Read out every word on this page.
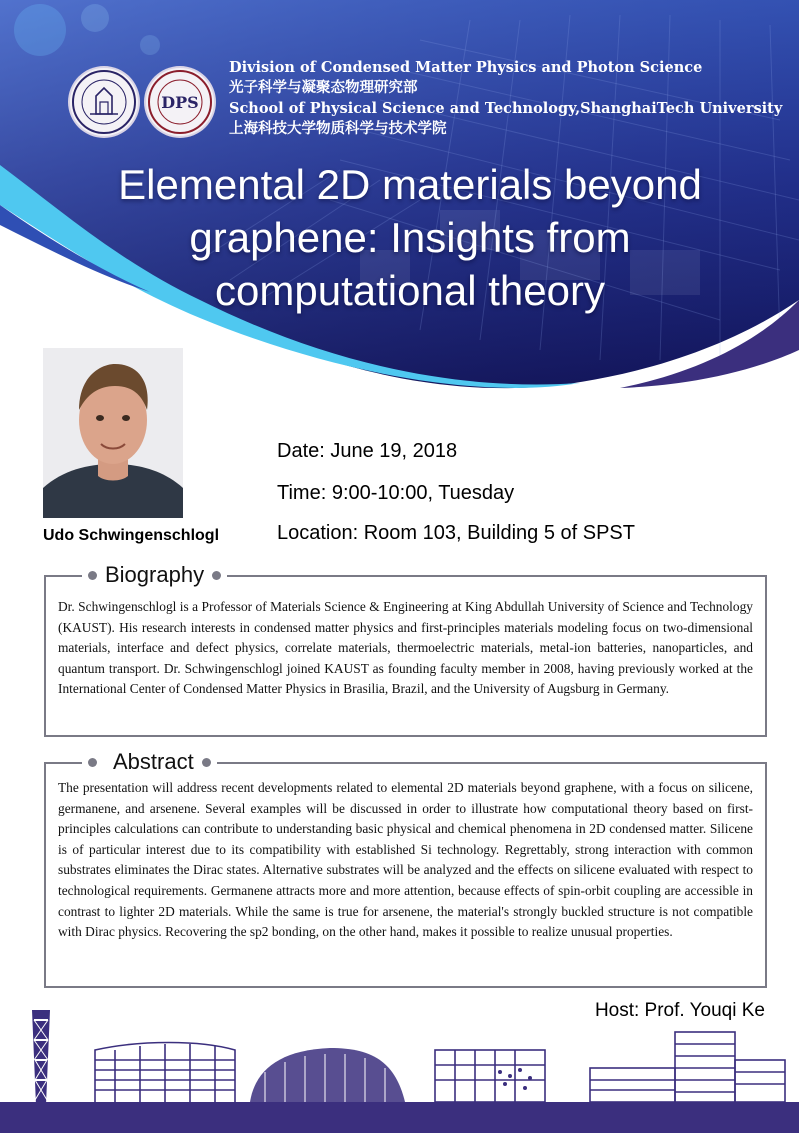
DPS
Division of Condensed Matter Physics and Photon Science
光子科学与凝聚态物理研究部
School of Physical Science and Technology,ShanghaiTech University
上海科技大学物质科学与技术学院
Elemental 2D materials beyond
graphene: Insights from
computational theory
Udo Schwingenschlogl
Date: June 19, 2018
Time: 9:00-10:00, Tuesday
Location: Room 103, Building 5 of SPST

Dr. Schwingenschlogl is a Professor of Materials Science & Engineering at King Abdullah University of Science and Technology (KAUST). His research interests in condensed matter physics and first-principles materials modeling focus on two-dimensional materials, interface and defect physics, correlate materials, thermoelectric materials, metal-ion batteries, nanoparticles, and quantum transport. Dr. Schwingenschlogl joined KAUST as founding faculty member in 2008, having previously worked at the International Center of Condensed Matter Physics in Brasilia, Brazil, and the University of Augsburg in Germany.

Biography

The presentation will address recent developments related to elemental 2D materials beyond graphene, with a focus on silicene, germanene, and arsenene. Several examples will be discussed in order to illustrate how computational theory based on first-principles calculations can contribute to understanding basic physical and chemical phenomena in 2D condensed matter. Silicene is of particular interest due to its compatibility with established Si technology. Regrettably, strong interaction with common substrates eliminates the Dirac states. Alternative substrates will be analyzed and the effects on silicene evaluated with respect to technological requirements. Germanene attracts more and more attention, because effects of spin-orbit coupling are accessible in contrast to lighter 2D materials. While the same is true for arsenene, the material's strongly buckled structure is not compatible with Dirac physics. Recovering the sp2 bonding, on the other hand, makes it possible to realize unusual properties.

Abstract
Host: Prof. Youqi Ke
